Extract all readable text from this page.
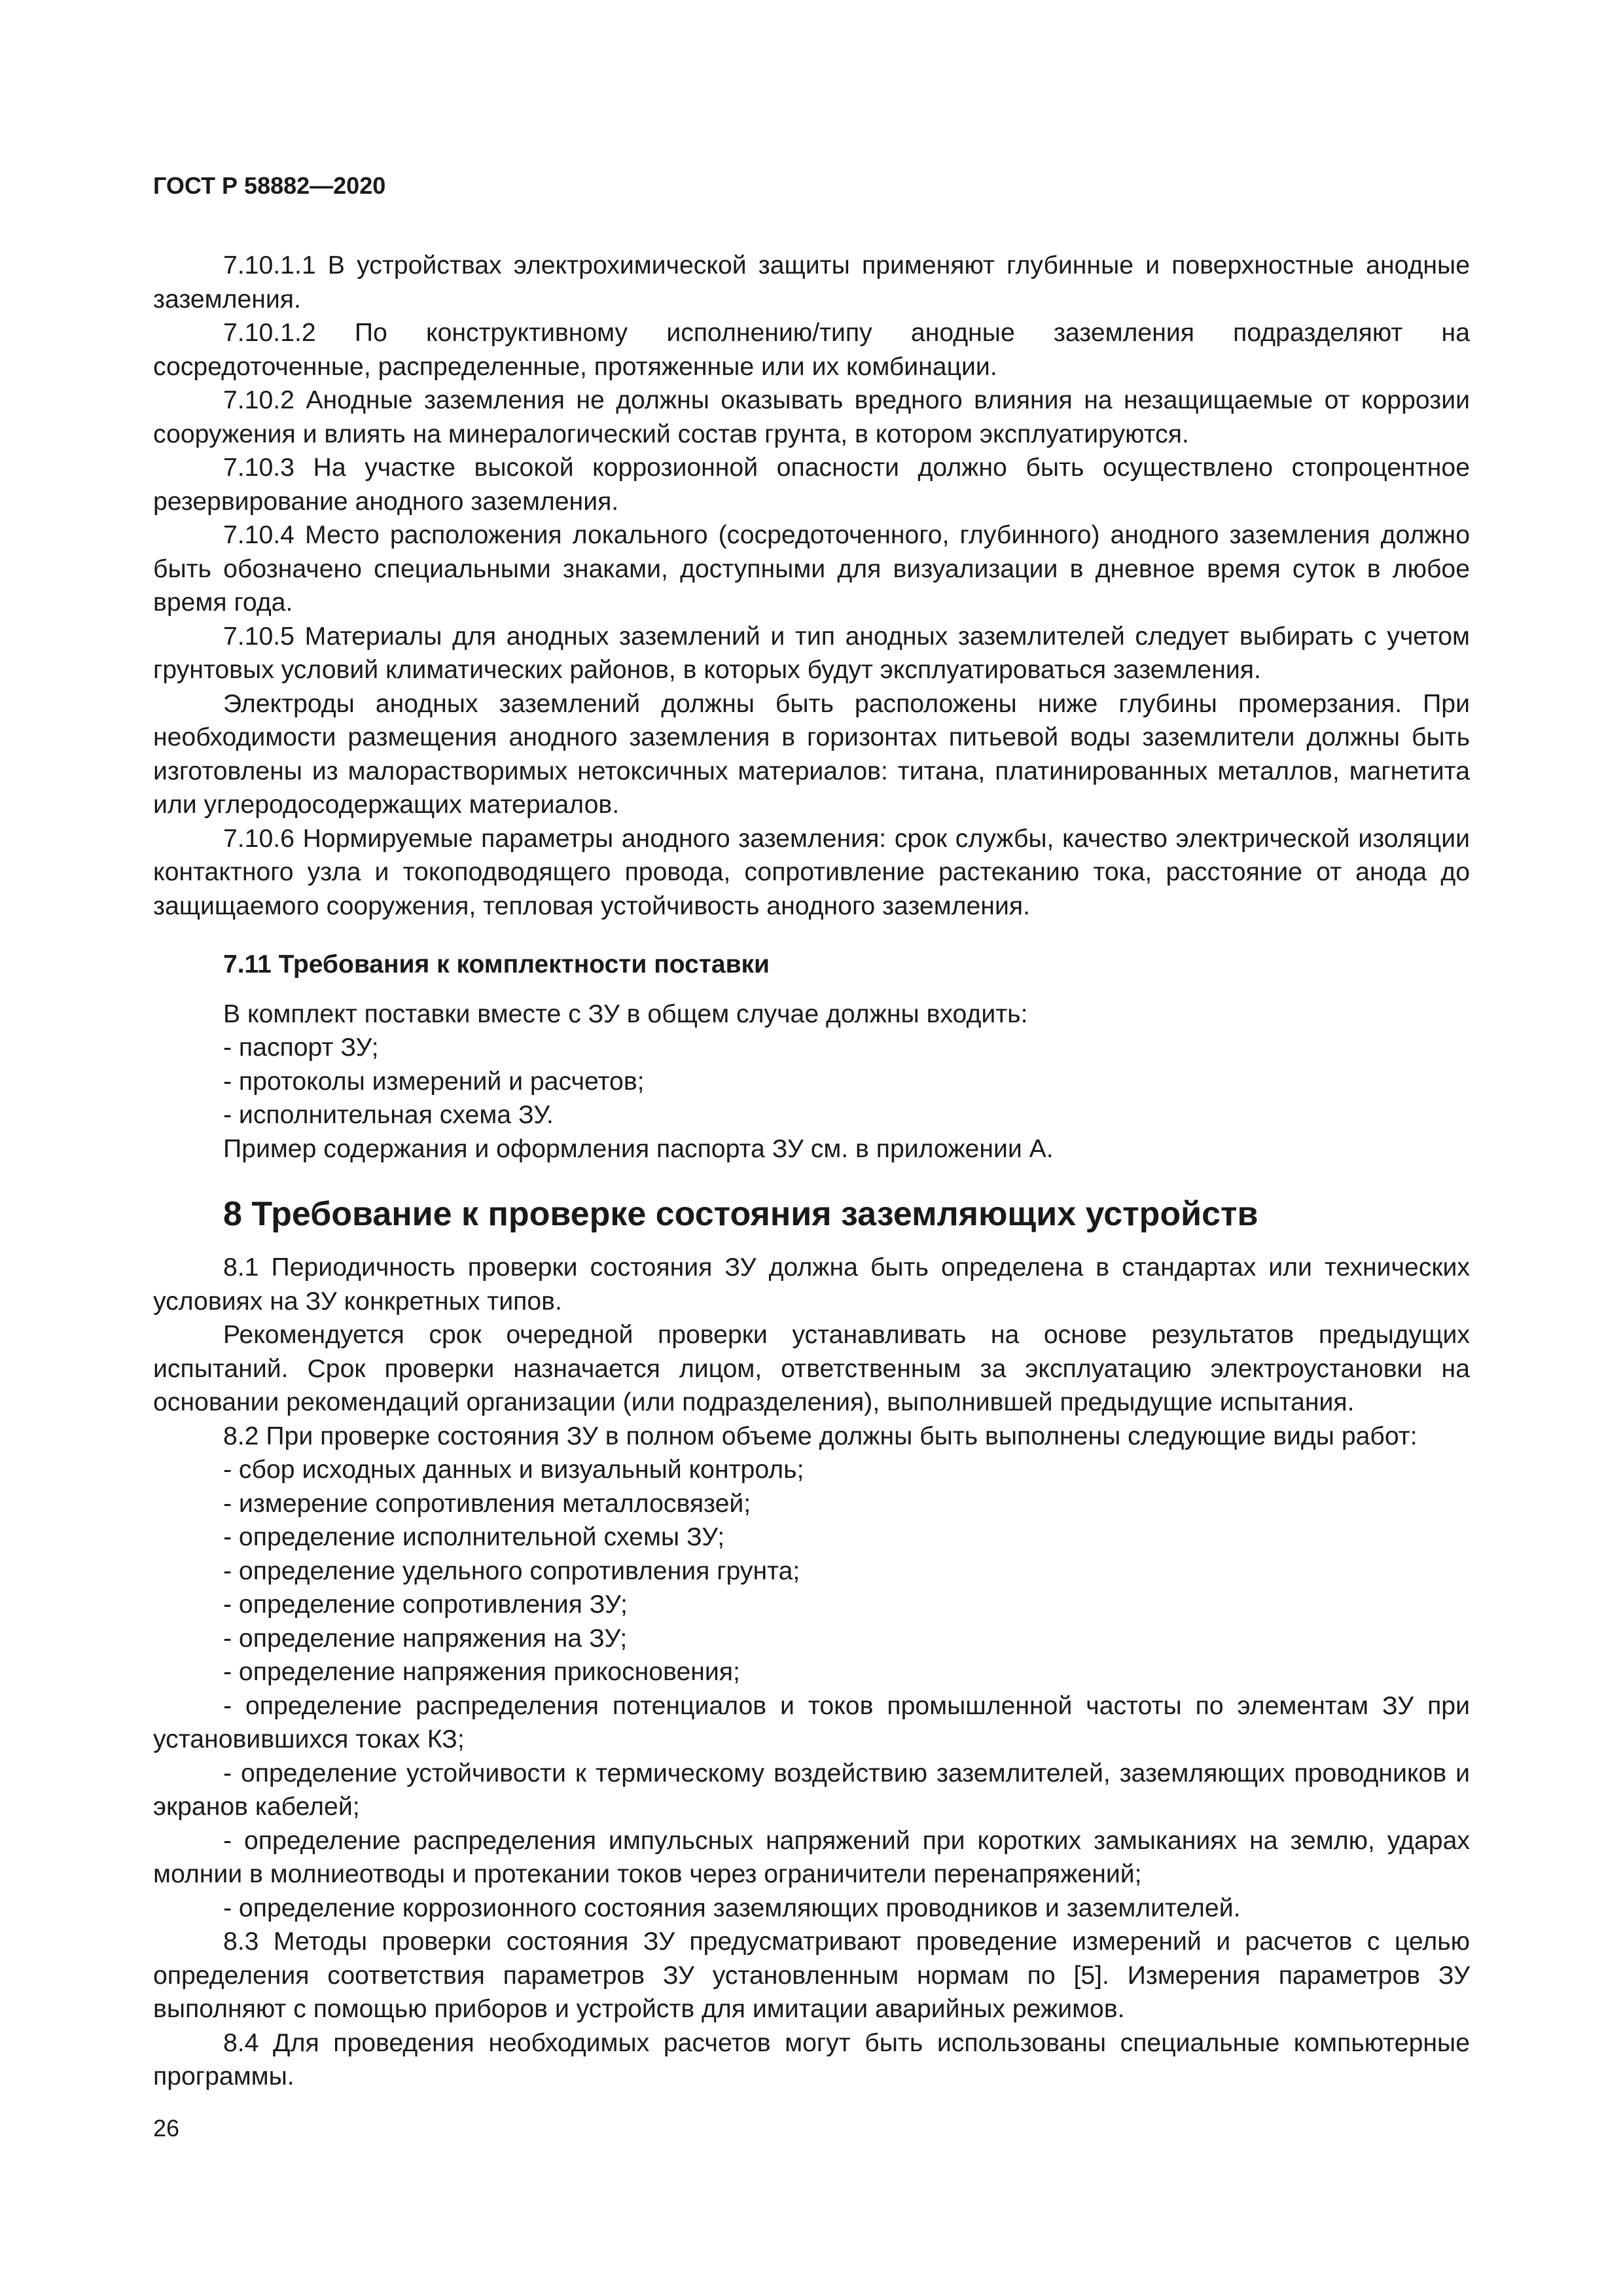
ГОСТ Р 58882—2020

7.10.1.1 В устройствах электрохимической защиты применяют глубинные и поверхностные анодные заземления.

7.10.1.2 По конструктивному исполнению/типу анодные заземления подразделяют на сосредоточенные, распределенные, протяженные или их комбинации.

7.10.2 Анодные заземления не должны оказывать вредного влияния на незащищаемые от коррозии сооружения и влиять на минералогический состав грунта, в котором эксплуатируются.

7.10.3 На участке высокой коррозионной опасности должно быть осуществлено стопроцентное резервирование анодного заземления.

7.10.4 Место расположения локального (сосредоточенного, глубинного) анодного заземления должно быть обозначено специальными знаками, доступными для визуализации в дневное время суток в любое время года.

7.10.5 Материалы для анодных заземлений и тип анодных заземлителей следует выбирать с учетом грунтовых условий климатических районов, в которых будут эксплуатироваться заземления.

Электроды анодных заземлений должны быть расположены ниже глубины промерзания. При необходимости размещения анодного заземления в горизонтах питьевой воды заземлители должны быть изготовлены из малорастворимых нетоксичных материалов: титана, платинированных металлов, магнетита или углеродосодержащих материалов.

7.10.6 Нормируемые параметры анодного заземления: срок службы, качество электрической изоляции контактного узла и токоподводящего провода, сопротивление растеканию тока, расстояние от анода до защищаемого сооружения, тепловая устойчивость анодного заземления.

7.11 Требования к комплектности поставки

В комплект поставки вместе с ЗУ в общем случае должны входить:

- паспорт ЗУ;

- протоколы измерений и расчетов;

- исполнительная схема ЗУ.

Пример содержания и оформления паспорта ЗУ см. в приложении А.

8 Требование к проверке состояния заземляющих устройств

8.1 Периодичность проверки состояния ЗУ должна быть определена в стандартах или технических условиях на ЗУ конкретных типов.

Рекомендуется срок очередной проверки устанавливать на основе результатов предыдущих испытаний. Срок проверки назначается лицом, ответственным за эксплуатацию электроустановки на основании рекомендаций организации (или подразделения), выполнившей предыдущие испытания.

8.2 При проверке состояния ЗУ в полном объеме должны быть выполнены следующие виды работ:

- сбор исходных данных и визуальный контроль;

- измерение сопротивления металлосвязей;

- определение исполнительной схемы ЗУ;

- определение удельного сопротивления грунта;

- определение сопротивления ЗУ;

- определение напряжения на ЗУ;

- определение напряжения прикосновения;

- определение распределения потенциалов и токов промышленной частоты по элементам ЗУ при установившихся токах КЗ;

- определение устойчивости к термическому воздействию заземлителей, заземляющих проводников и экранов кабелей;

- определение распределения импульсных напряжений при коротких замыканиях на землю, ударах молнии в молниеотводы и протекании токов через ограничители перенапряжений;

- определение коррозионного состояния заземляющих проводников и заземлителей.

8.3 Методы проверки состояния ЗУ предусматривают проведение измерений и расчетов с целью определения соответствия параметров ЗУ установленным нормам по [5]. Измерения параметров ЗУ выполняют с помощью приборов и устройств для имитации аварийных режимов.

8.4 Для проведения необходимых расчетов могут быть использованы специальные компьютерные программы.

26
